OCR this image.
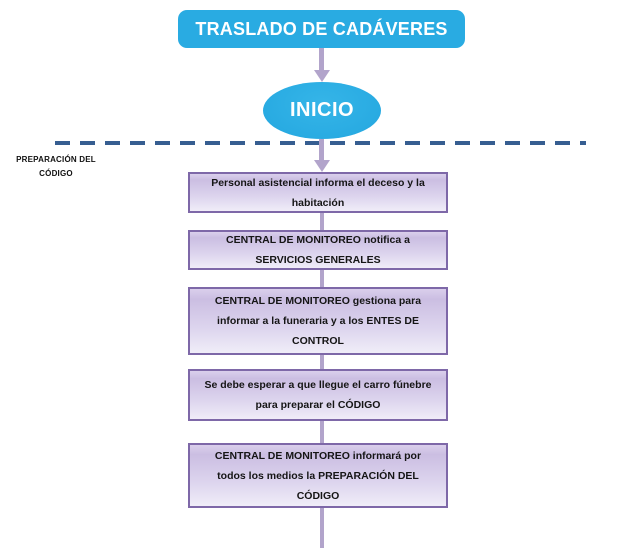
TRASLADO DE CADÁVERES
INICIO
PREPARACIÓN DEL
CÓDIGO
Personal asistencial informa el deceso y la
habitación
CENTRAL DE MONITOREO notifica a
SERVICIOS GENERALES
CENTRAL DE MONITOREO gestiona para
informar a la funeraria y a los ENTES DE
CONTROL
Se debe esperar a que llegue el carro fúnebre
para preparar el CÓDIGO
CENTRAL DE MONITOREO informará por
todos los medios la PREPARACIÓN DEL
CÓDIGO
